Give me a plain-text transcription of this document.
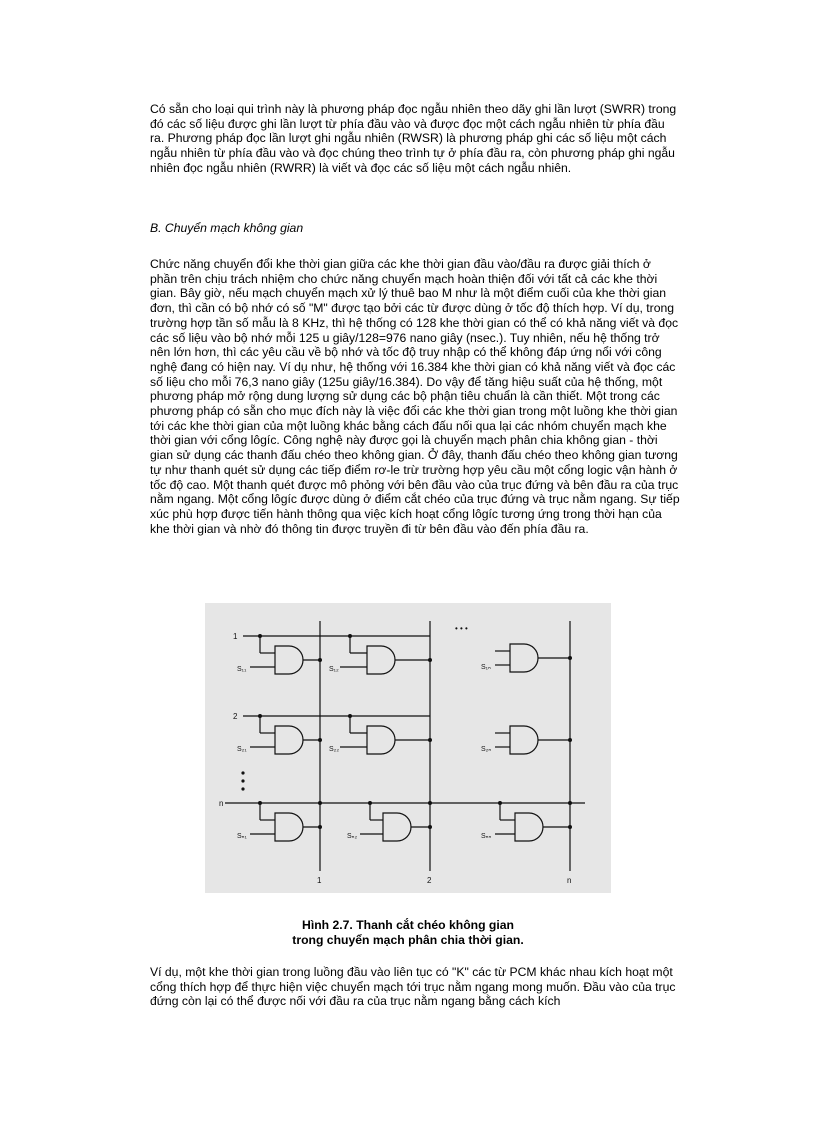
Có sẵn cho loại qui trình này là phương pháp đọc ngẫu nhiên theo dãy ghi lần lượt (SWRR) trong đó các số liệu được ghi lần lượt từ phía đầu vào và được đọc một cách ngẫu nhiên từ phía đầu ra. Phương pháp đọc lần lượt ghi ngẫu nhiên (RWSR) là phương pháp ghi các số liệu một cách ngẫu nhiên từ phía đầu vào và đọc chúng theo trình tự ở phía đầu ra, còn phương pháp ghi ngẫu nhiên đọc ngẫu nhiên (RWRR) là viết và đọc các số liệu một cách ngẫu nhiên.

B. Chuyển mạch không gian

Chức năng chuyển đổi khe thời gian giữa các khe thời gian đầu vào/đầu ra được giải thích ở phần trên chịu trách nhiệm cho chức năng chuyển mạch hoàn thiện đối với tất cả các khe thời gian. Bây giờ, nếu mạch chuyển mạch xử lý thuê bao M như là một điểm cuối của khe thời gian đơn, thì cần có bộ nhớ có số "M" được tạo bởi các từ được dùng ở tốc độ thích hợp. Ví dụ, trong trường hợp tần số mẫu là 8 KHz, thì hệ thống có 128 khe thời gian có thể có khả năng viết và đọc các số liệu vào bộ nhớ mỗi 125 u giây/128=976 nano giây (nsec.). Tuy nhiên, nếu hệ thống trở nên lớn hơn, thì các yêu cầu về bộ nhớ và tốc độ truy nhập có thể không đáp ứng nổi với công nghệ đang có hiện nay. Ví dụ như, hệ thống với 16.384 khe thời gian có khả năng viết và đọc các số liệu cho mỗi 76,3 nano giây (125u giây/16.384). Do vậy để tăng hiệu suất của hệ thống, một phương pháp mở rộng dung lượng sử dụng các bộ phận tiêu chuẩn là cần thiết. Một trong các phương pháp có sẵn cho mục đích này là việc đổi các khe thời gian trong một luồng khe thời gian tới các khe thời gian của một luồng khác bằng cách đấu nối qua lại các nhóm chuyển mạch khe thời gian với cổng lôgíc. Công nghệ này được gọi là chuyển mạch phân chia không gian - thời gian sử dụng các thanh đấu chéo theo không gian. Ở đây, thanh đấu chéo theo không gian tương tự như thanh quét sử dụng các tiếp điểm rơ-le trừ trường hợp yêu cầu một cổng logic vận hành ở tốc độ cao. Một thanh quét được mô phỏng với bên đầu vào của trục đứng và bên đầu ra của trục nằm ngang. Một cổng lôgíc được dùng ở điểm cắt chéo của trục đứng và trục nằm ngang. Sự tiếp xúc phù hợp được tiến hành thông qua việc kích hoạt cổng lôgíc tương ứng trong thời hạn của khe thời gian và nhờ đó thông tin được truyền đi từ bên đầu vào đến phía đầu ra.

1
2
n
1	2	n
• • •
S₁₁	S₁₂	S₁ₙ
S₂₁	S₂₂	S₂ₙ
Sₙ₁	Sₙ₂	Sₙₙ

Hình 2.7. Thanh cắt chéo không gian

trong chuyển mạch phân chia thời gian.

Ví dụ, một khe thời gian trong luồng đầu vào liên tục có "K" các từ PCM khác nhau kích hoạt một cổng thích hợp để thực hiện việc chuyển mạch tới trục nằm ngang mong muốn. Đầu vào của trục đứng còn lại có thể được nối với đầu ra của trục nằm ngang bằng cách kích
